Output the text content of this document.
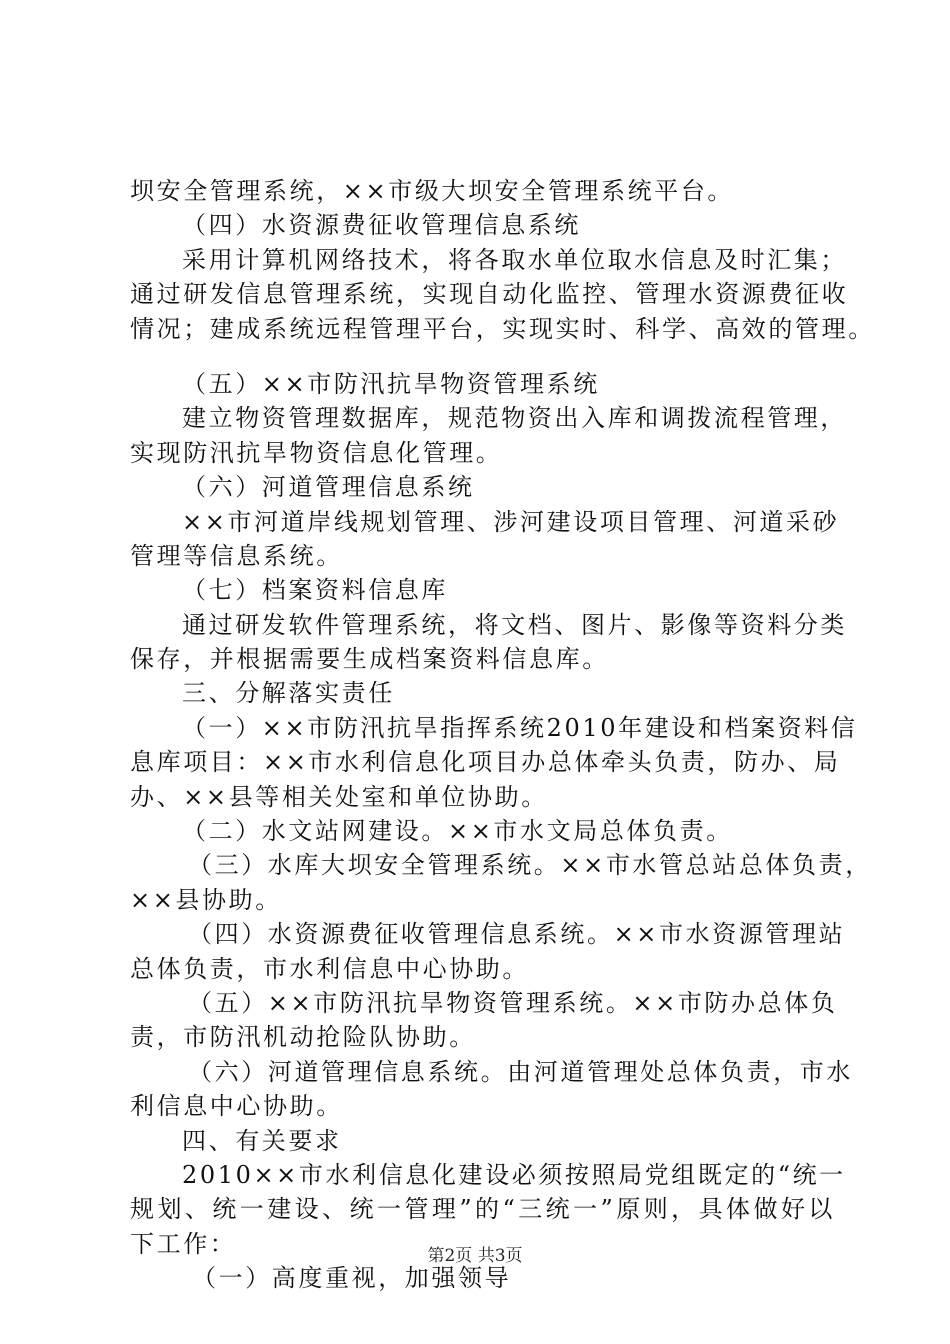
坝安全管理系统，××市级大坝安全管理系统平台。
（四）水资源费征收管理信息系统
采用计算机网络技术，将各取水单位取水信息及时汇集；
通过研发信息管理系统，实现自动化监控、管理水资源费征收
情况；建成系统远程管理平台，实现实时、科学、高效的管理。
（五）××市防汛抗旱物资管理系统
建立物资管理数据库，规范物资出入库和调拨流程管理，
实现防汛抗旱物资信息化管理。
（六）河道管理信息系统
××市河道岸线规划管理、涉河建设项目管理、河道采砂
管理等信息系统。
（七）档案资料信息库
通过研发软件管理系统，将文档、图片、影像等资料分类
保存，并根据需要生成档案资料信息库。
三、分解落实责任
（一）××市防汛抗旱指挥系统2010年建设和档案资料信
息库项目：××市水利信息化项目办总体牵头负责，防办、局
办、××县等相关处室和单位协助。
（二）水文站网建设。××市水文局总体负责。
（三）水库大坝安全管理系统。××市水管总站总体负责，
××县协助。
（四）水资源费征收管理信息系统。××市水资源管理站
总体负责，市水利信息中心协助。
（五）××市防汛抗旱物资管理系统。××市防办总体负
责，市防汛机动抢险队协助。
（六）河道管理信息系统。由河道管理处总体负责，市水
利信息中心协助。
四、有关要求
2010××市水利信息化建设必须按照局党组既定的“统一
规划、统一建设、统一管理”的“三统一”原则，具体做好以
下工作：
（一）高度重视，加强领导
第2页 共3页
